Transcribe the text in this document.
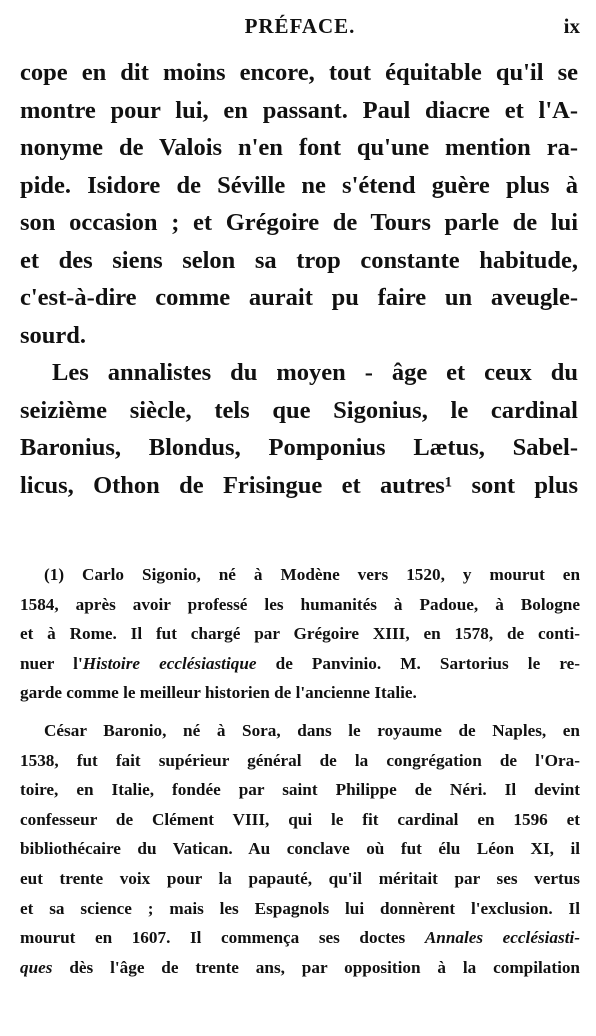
PRÉFACE.	ix
cope en dit moins encore, tout équitable qu'il se
montre pour lui, en passant. Paul diacre et l'A-
nonyme de Valois n'en font qu'une mention ra-
pide. Isidore de Séville ne s'étend guère plus à
son occasion ; et Grégoire de Tours parle de lui
et des siens selon sa trop constante habitude,
c'est-à-dire comme aurait pu faire un aveugle-
sourd.
Les annalistes du moyen - âge et ceux du
seizième siècle, tels que Sigonius, le cardinal
Baronius, Blondus, Pomponius Lætus, Sabel-
licus, Othon de Frisingue et autres¹ sont plus
(1) Carlo Sigonio, né à Modène vers 1520, y mourut en
1584, après avoir professé les humanités à Padoue, à Bologne
et à Rome. Il fut chargé par Grégoire XIII, en 1578, de conti-
nuer l'Histoire ecclésiastique de Panvinio. M. Sartorius le re-
garde comme le meilleur historien de l'ancienne Italie.
César Baronio, né à Sora, dans le royaume de Naples, en
1538, fut fait supérieur général de la congrégation de l'Ora-
toire, en Italie, fondée par saint Philippe de Néri. Il devint
confesseur de Clément VIII, qui le fit cardinal en 1596 et
bibliothécaire du Vatican. Au conclave où fut élu Léon XI, il
eut trente voix pour la papauté, qu'il méritait par ses vertus
et sa science ; mais les Espagnols lui donnèrent l'exclusion. Il
mourut en 1607. Il commença ses doctes Annales ecclésiasti-
ques dès l'âge de trente ans, par opposition à la compilation
